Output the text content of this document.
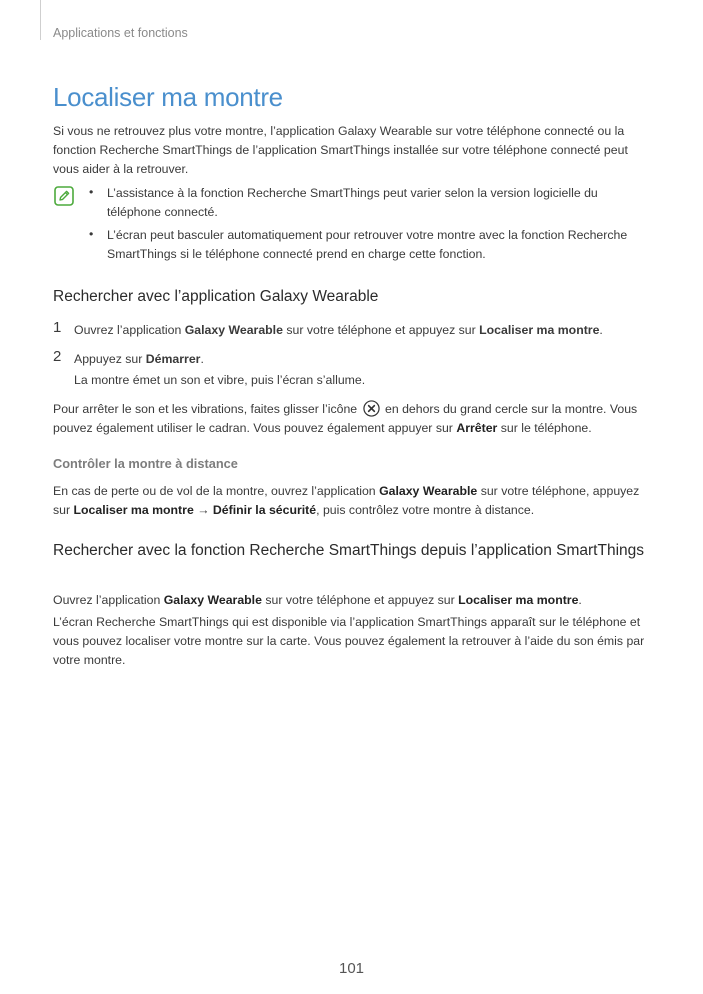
Applications et fonctions
Localiser ma montre

Si vous ne retrouvez plus votre montre, l’application Galaxy Wearable sur votre téléphone connecté ou la fonction Recherche SmartThings de l’application SmartThings installée sur votre téléphone connecté peut vous aider à la retrouver.

• L’assistance à la fonction Recherche SmartThings peut varier selon la version logicielle du téléphone connecté.

• L’écran peut basculer automatiquement pour retrouver votre montre avec la fonction Recherche SmartThings si le téléphone connecté prend en charge cette fonction.

Rechercher avec l’application Galaxy Wearable
1 Ouvrez l’application Galaxy Wearable sur votre téléphone et appuyez sur Localiser ma montre.

2 Appuyez sur Démarrer.
La montre émet un son et vibre, puis l’écran s’allume.

Pour arrêter le son et les vibrations, faites glisser l’icône  en dehors du grand cercle sur la montre. Vous pouvez également utiliser le cadran. Vous pouvez également appuyer sur Arrêter sur le téléphone.

Contrôler la montre à distance

En cas de perte ou de vol de la montre, ouvrez l’application Galaxy Wearable sur votre téléphone, appuyez sur Localiser ma montre → Définir la sécurité, puis contrôlez votre montre à distance.

Rechercher avec la fonction Recherche SmartThings depuis l’application SmartThings

Ouvrez l’application Galaxy Wearable sur votre téléphone et appuyez sur Localiser ma montre.

L’écran Recherche SmartThings qui est disponible via l’application SmartThings apparaît sur le téléphone et vous pouvez localiser votre montre sur la carte. Vous pouvez également la retrouver à l’aide du son émis par votre montre.

101
